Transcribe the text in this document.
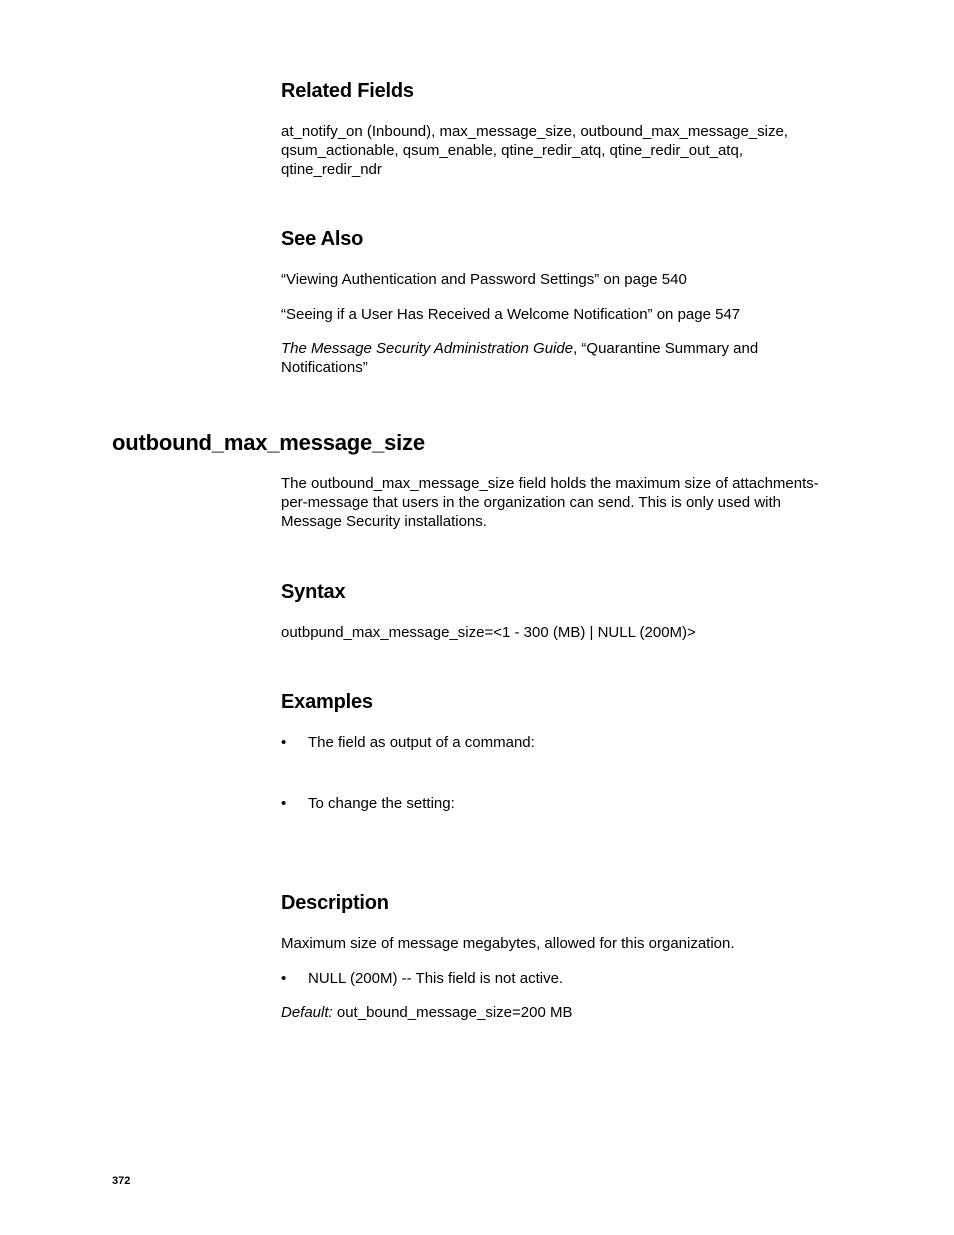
Related Fields
at_notify_on (Inbound), max_message_size, outbound_max_message_size,
qsum_actionable, qsum_enable, qtine_redir_atq, qtine_redir_out_atq,
qtine_redir_ndr
See Also
“Viewing Authentication and Password Settings” on page 540
“Seeing if a User Has Received a Welcome Notification” on page 547
The Message Security Administration Guide, “Quarantine Summary and
Notifications”
outbound_max_message_size
The outbound_max_message_size field holds the maximum size of attachments-
per-message that users in the organization can send. This is only used with
Message Security installations.
Syntax
outbpund_max_message_size=<1 - 300 (MB) | NULL (200M)>
Examples
• The field as output of a command:
• To change the setting:
Description
Maximum size of message megabytes, allowed for this organization.
• NULL (200M) -- This field is not active.
Default: out_bound_message_size=200 MB
372
